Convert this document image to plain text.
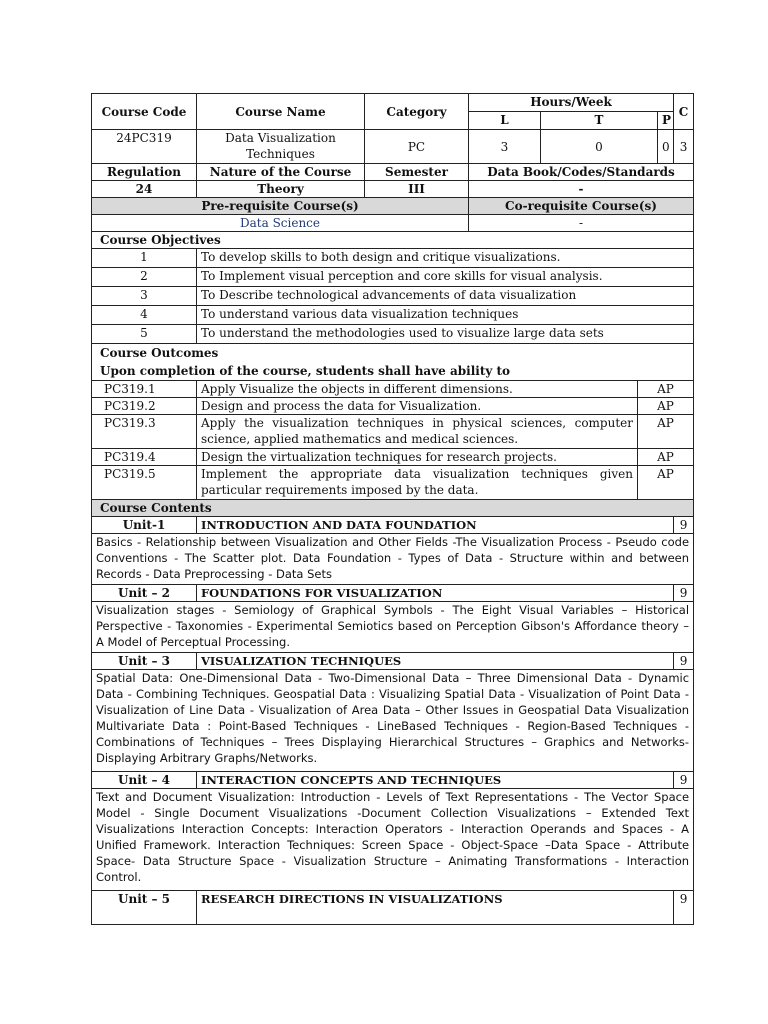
Course Code	Course Name	Category	Hours/Week				C
			L	T		P	
24PC319	Data Visualization Techniques	PC	3	0		0	3
Regulation	Nature of the Course	Semester	Data Book/Codes/Standards				
24	Theory	III	-				
Pre-requisite Course(s)			Co-requisite Course(s)				
Data Science			-				
Course Objectives							
1	To develop skills to both design and critique visualizations.						
2	To Implement visual perception and core skills for visual analysis.						
3	To Describe technological advancements of data visualization						
4	To understand various data visualization techniques						
5	To understand the methodologies used to visualize large data sets						

Course Outcomes
Upon completion of the course, students shall have ability to							

PC319.1	Apply Visualize the objects in different dimensions.				AP		
PC319.2	Design and process the data for Visualization.				AP		
PC319.3	Apply the visualization techniques in physical sciences, computer science, applied mathematics and medical sciences.				AP		
PC319.4	Design the virtualization techniques for research projects.				AP		
PC319.5	Implement the appropriate data visualization techniques given particular requirements imposed by the data.				AP		
Course Contents							
Unit-1	INTRODUCTION AND DATA FOUNDATION						9
Basics - Relationship between Visualization and Other Fields -The Visualization Process - Pseudo code Conventions - The Scatter plot. Data Foundation - Types of Data - Structure within and between Records - Data Preprocessing - Data Sets							
Unit – 2	FOUNDATIONS FOR VISUALIZATION						9
Visualization stages - Semiology of Graphical Symbols - The Eight Visual Variables – Historical Perspective - Taxonomies - Experimental Semiotics based on Perception Gibson's Affordance theory – A Model of Perceptual Processing.							
Unit – 3	VISUALIZATION TECHNIQUES						9
Spatial Data: One-Dimensional Data - Two-Dimensional Data – Three Dimensional Data - Dynamic Data - Combining Techniques. Geospatial Data : Visualizing Spatial Data - Visualization of Point Data -Visualization of Line Data - Visualization of Area Data – Other Issues in Geospatial Data Visualization Multivariate Data : Point-Based Techniques - LineBased Techniques - Region-Based Techniques - Combinations of Techniques – Trees Displaying Hierarchical Structures – Graphics and Networks- Displaying Arbitrary Graphs/Networks.							
Unit – 4	INTERACTION CONCEPTS AND TECHNIQUES						9
Text and Document Visualization: Introduction - Levels of Text Representations - The Vector Space Model - Single Document Visualizations -Document Collection Visualizations – Extended Text Visualizations Interaction Concepts: Interaction Operators - Interaction Operands and Spaces - A Unified Framework. Interaction Techniques: Screen Space - Object-Space –Data Space - Attribute Space- Data Structure Space - Visualization Structure – Animating Transformations - Interaction Control.							
Unit – 5	RESEARCH DIRECTIONS IN VISUALIZATIONS						9
